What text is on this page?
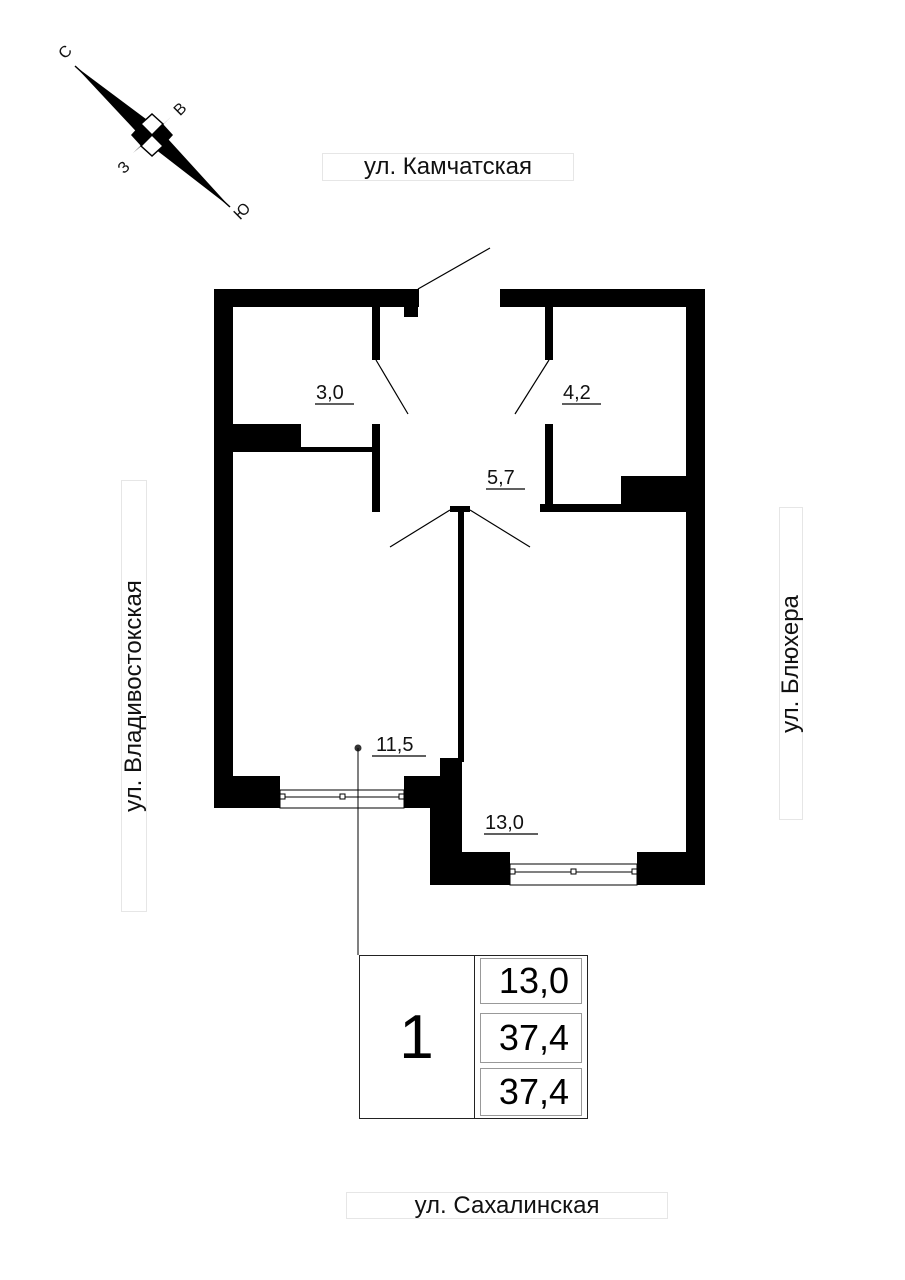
ул. Камчатская
ул. Сахалинская
ул. Владивостокская	ул. Блюхера
С
В
З
Ю
3,0	4,2
5,7
11,5
13,0
1
13,0
37,4
37,4
